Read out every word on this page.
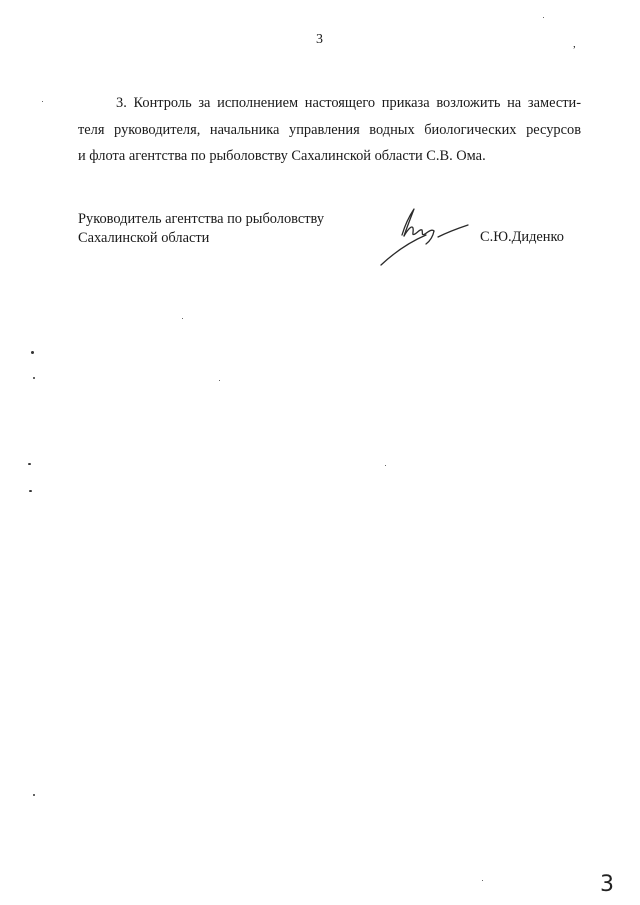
3	,
3. Контроль за исполнением настоящего приказа возложить на замести-
теля руководителя, начальника управления водных биологических ресурсов
и флота агентства по рыболовству Сахалинской области С.В. Ома.
Руководитель агентства по рыболовству
Сахалинской области	С.Ю.Диденко
3
